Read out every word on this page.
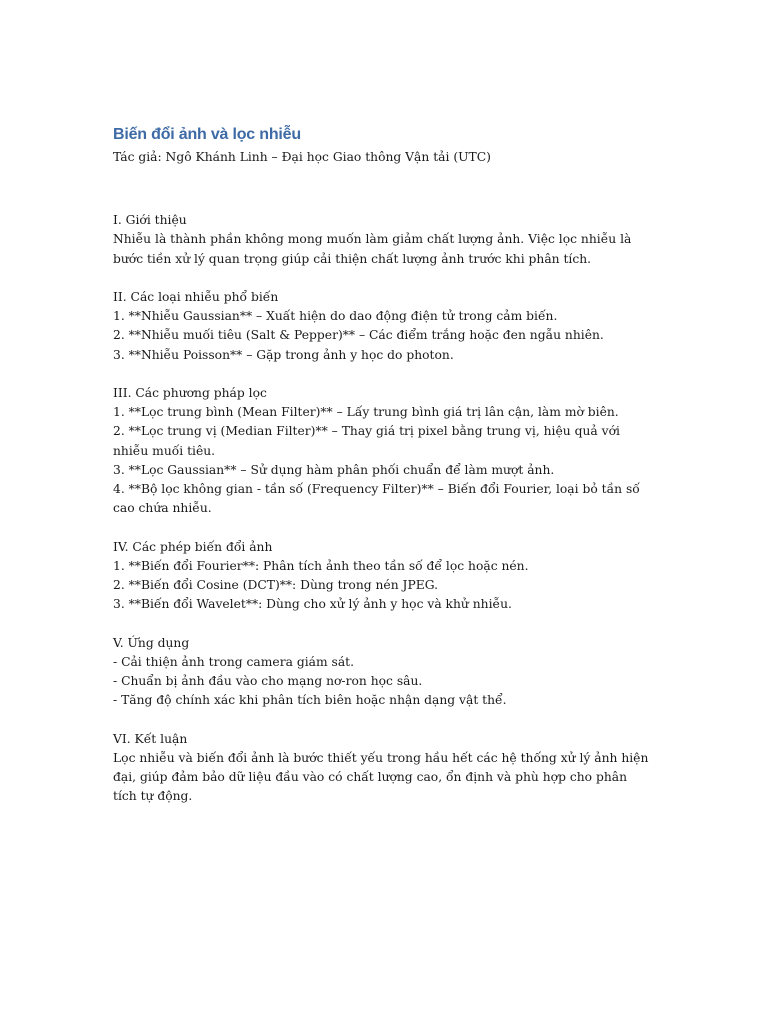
Biến đổi ảnh và lọc nhiễu

Tác giả: Ngô Khánh Linh – Đại học Giao thông Vận tải (UTC)

I. Giới thiệu

Nhiễu là thành phần không mong muốn làm giảm chất lượng ảnh. Việc lọc nhiễu là bước tiền xử lý quan trọng giúp cải thiện chất lượng ảnh trước khi phân tích.

II. Các loại nhiễu phổ biến

1. **Nhiễu Gaussian** – Xuất hiện do dao động điện tử trong cảm biến.

2. **Nhiễu muối tiêu (Salt & Pepper)** – Các điểm trắng hoặc đen ngẫu nhiên.

3. **Nhiễu Poisson** – Gặp trong ảnh y học do photon.

III. Các phương pháp lọc

1. **Lọc trung bình (Mean Filter)** – Lấy trung bình giá trị lân cận, làm mờ biên.

2. **Lọc trung vị (Median Filter)** – Thay giá trị pixel bằng trung vị, hiệu quả với nhiễu muối tiêu.

3. **Lọc Gaussian** – Sử dụng hàm phân phối chuẩn để làm mượt ảnh.

4. **Bộ lọc không gian - tần số (Frequency Filter)** – Biến đổi Fourier, loại bỏ tần số cao chứa nhiễu.

IV. Các phép biến đổi ảnh

1. **Biến đổi Fourier**: Phân tích ảnh theo tần số để lọc hoặc nén.

2. **Biến đổi Cosine (DCT)**: Dùng trong nén JPEG.

3. **Biến đổi Wavelet**: Dùng cho xử lý ảnh y học và khử nhiễu.

V. Ứng dụng

- Cải thiện ảnh trong camera giám sát.

- Chuẩn bị ảnh đầu vào cho mạng nơ-ron học sâu.

- Tăng độ chính xác khi phân tích biên hoặc nhận dạng vật thể.

VI. Kết luận

Lọc nhiễu và biến đổi ảnh là bước thiết yếu trong hầu hết các hệ thống xử lý ảnh hiện đại, giúp đảm bảo dữ liệu đầu vào có chất lượng cao, ổn định và phù hợp cho phân tích tự động.
